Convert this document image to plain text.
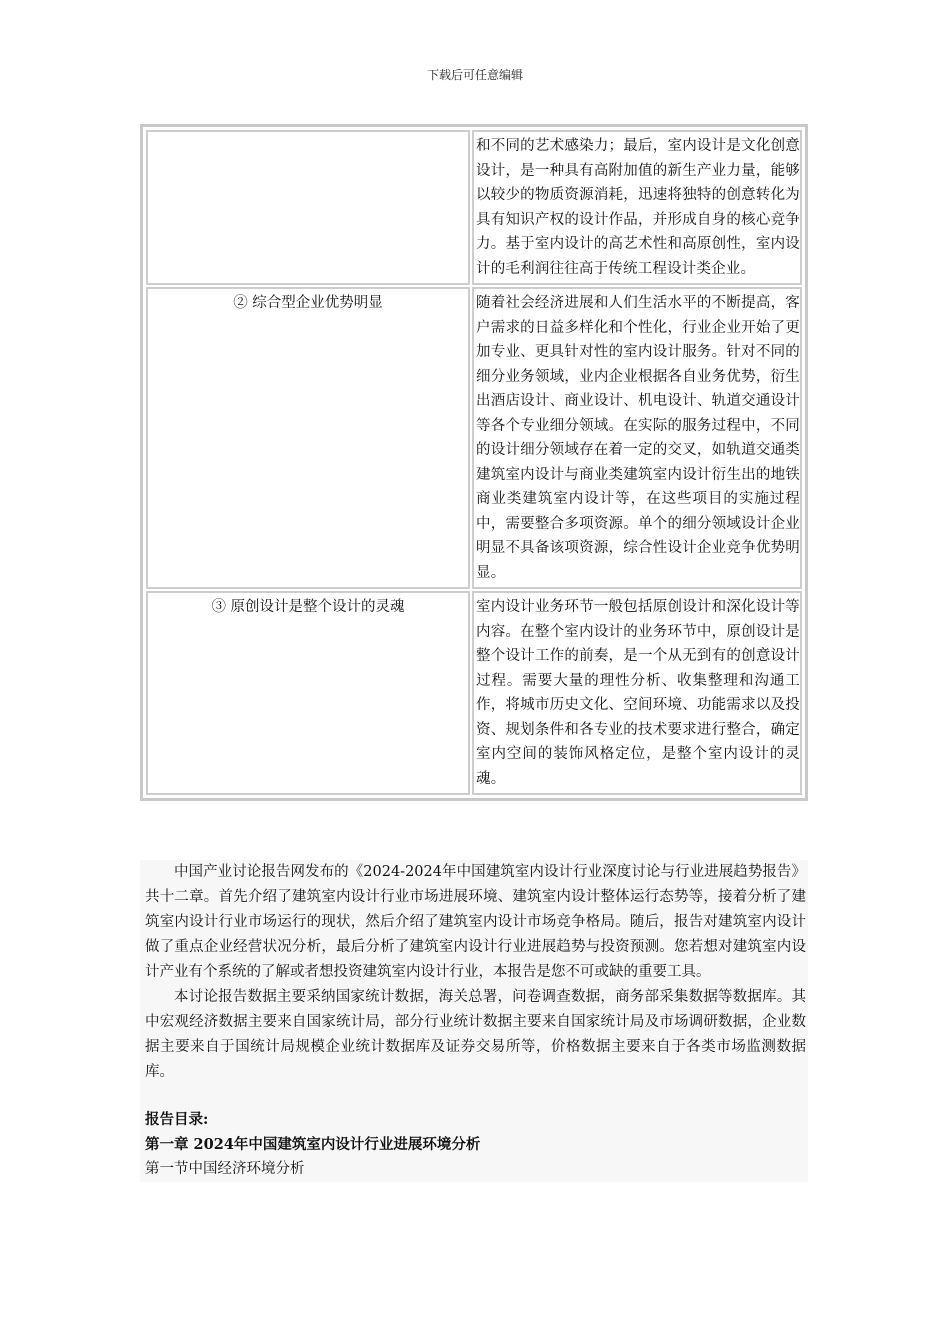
下载后可任意编辑
和不同的艺术感染力；最后，室内设计是文化创意设计，是一种具有高附加值的新生产业力量，能够以较少的物质资源消耗，迅速将独特的创意转化为具有知识产权的设计作品，并形成自身的核心竞争力。基于室内设计的高艺术性和高原创性，室内设计的毛利润往往高于传统工程设计类企业。
② 综合型企业优势明显	随着社会经济进展和人们生活水平的不断提高，客户需求的日益多样化和个性化，行业企业开始了更加专业、更具针对性的室内设计服务。针对不同的细分业务领域，业内企业根据各自业务优势，衍生出酒店设计、商业设计、机电设计、轨道交通设计等各个专业细分领域。在实际的服务过程中，不同的设计细分领域存在着一定的交叉，如轨道交通类建筑室内设计与商业类建筑室内设计衍生出的地铁商业类建筑室内设计等，在这些项目的实施过程中，需要整合多项资源。单个的细分领域设计企业明显不具备该项资源，综合性设计企业竞争优势明显。
③ 原创设计是整个设计的灵魂	室内设计业务环节一般包括原创设计和深化设计等内容。在整个室内设计的业务环节中，原创设计是整个设计工作的前奏，是一个从无到有的创意设计过程。需要大量的理性分析、收集整理和沟通工作，将城市历史文化、空间环境、功能需求以及投资、规划条件和各专业的技术要求进行整合，确定室内空间的装饰风格定位，是整个室内设计的灵魂。

中国产业讨论报告网发布的《2024-2024年中国建筑室内设计行业深度讨论与行业进展趋势报告》共十二章。首先介绍了建筑室内设计行业市场进展环境、建筑室内设计整体运行态势等，接着分析了建筑室内设计行业市场运行的现状，然后介绍了建筑室内设计市场竞争格局。随后，报告对建筑室内设计做了重点企业经营状况分析，最后分析了建筑室内设计行业进展趋势与投资预测。您若想对建筑室内设计产业有个系统的了解或者想投资建筑室内设计行业，本报告是您不可或缺的重要工具。

本讨论报告数据主要采纳国家统计数据，海关总署，问卷调查数据，商务部采集数据等数据库。其中宏观经济数据主要来自国家统计局，部分行业统计数据主要来自国家统计局及市场调研数据，企业数据主要来自于国统计局规模企业统计数据库及证券交易所等，价格数据主要来自于各类市场监测数据库。

报告目录:
第一章 2024年中国建筑室内设计行业进展环境分析
第一节中国经济环境分析
